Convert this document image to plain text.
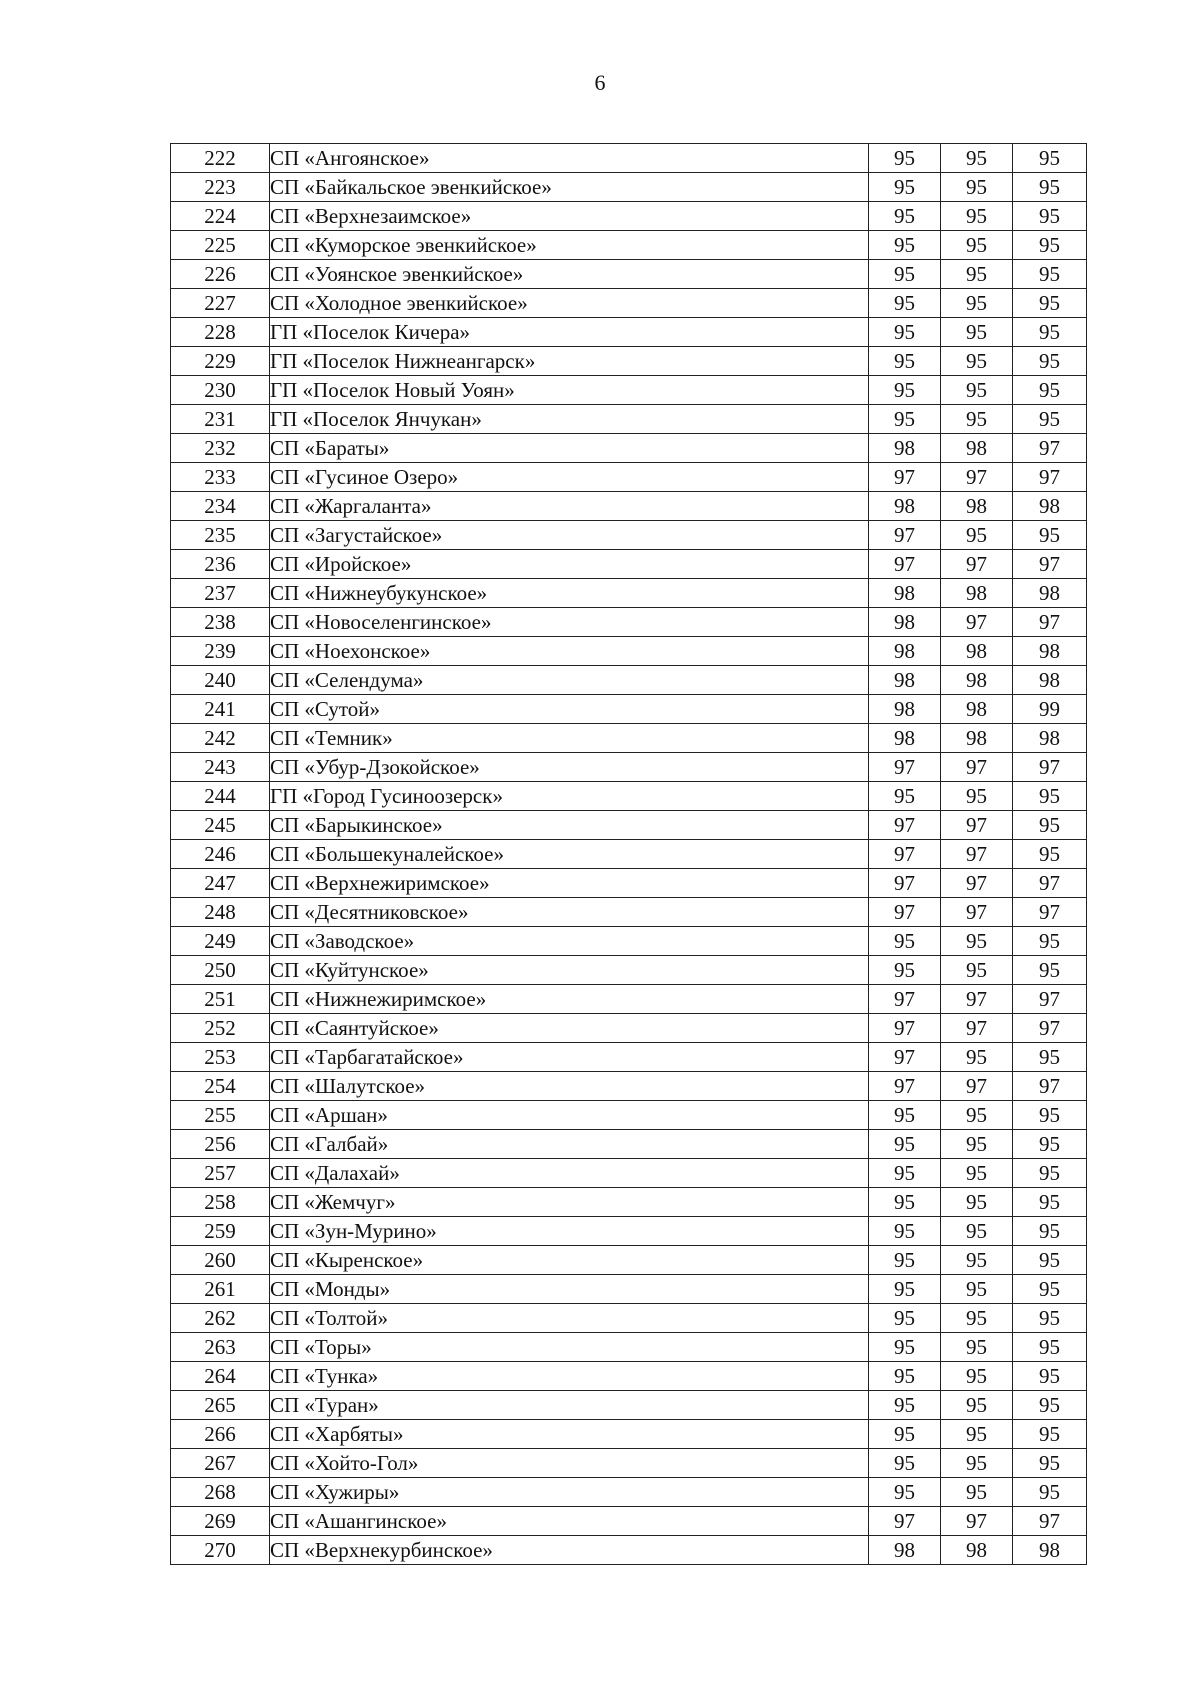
6
222	СП «Ангоянское»	95	95	95
223	СП «Байкальское эвенкийское»	95	95	95
224	СП «Верхнезаимское»	95	95	95
225	СП «Куморское эвенкийское»	95	95	95
226	СП «Уоянское эвенкийское»	95	95	95
227	СП «Холодное эвенкийское»	95	95	95
228	ГП «Поселок Кичера»	95	95	95
229	ГП «Поселок Нижнеангарск»	95	95	95
230	ГП «Поселок Новый Уоян»	95	95	95
231	ГП «Поселок Янчукан»	95	95	95
232	СП «Бараты»	98	98	97
233	СП «Гусиное Озеро»	97	97	97
234	СП «Жаргаланта»	98	98	98
235	СП «Загустайское»	97	95	95
236	СП «Иройское»	97	97	97
237	СП «Нижнеубукунское»	98	98	98
238	СП «Новоселенгинское»	98	97	97
239	СП «Ноехонское»	98	98	98
240	СП «Селендума»	98	98	98
241	СП «Сутой»	98	98	99
242	СП «Темник»	98	98	98
243	СП «Убур-Дзокойское»	97	97	97
244	ГП «Город Гусиноозерск»	95	95	95
245	СП «Барыкинское»	97	97	95
246	СП «Большекуналейское»	97	97	95
247	СП «Верхнежиримское»	97	97	97
248	СП «Десятниковское»	97	97	97
249	СП «Заводское»	95	95	95
250	СП «Куйтунское»	95	95	95
251	СП «Нижнежиримское»	97	97	97
252	СП «Саянтуйское»	97	97	97
253	СП «Тарбагатайское»	97	95	95
254	СП «Шалутское»	97	97	97
255	СП «Аршан»	95	95	95
256	СП «Галбай»	95	95	95
257	СП «Далахай»	95	95	95
258	СП «Жемчуг»	95	95	95
259	СП «Зун-Мурино»	95	95	95
260	СП «Кыренское»	95	95	95
261	СП «Монды»	95	95	95
262	СП «Толтой»	95	95	95
263	СП «Торы»	95	95	95
264	СП «Тунка»	95	95	95
265	СП «Туран»	95	95	95
266	СП «Харбяты»	95	95	95
267	СП «Хойто-Гол»	95	95	95
268	СП «Хужиры»	95	95	95
269	СП «Ашангинское»	97	97	97
270	СП «Верхнекурбинское»	98	98	98
